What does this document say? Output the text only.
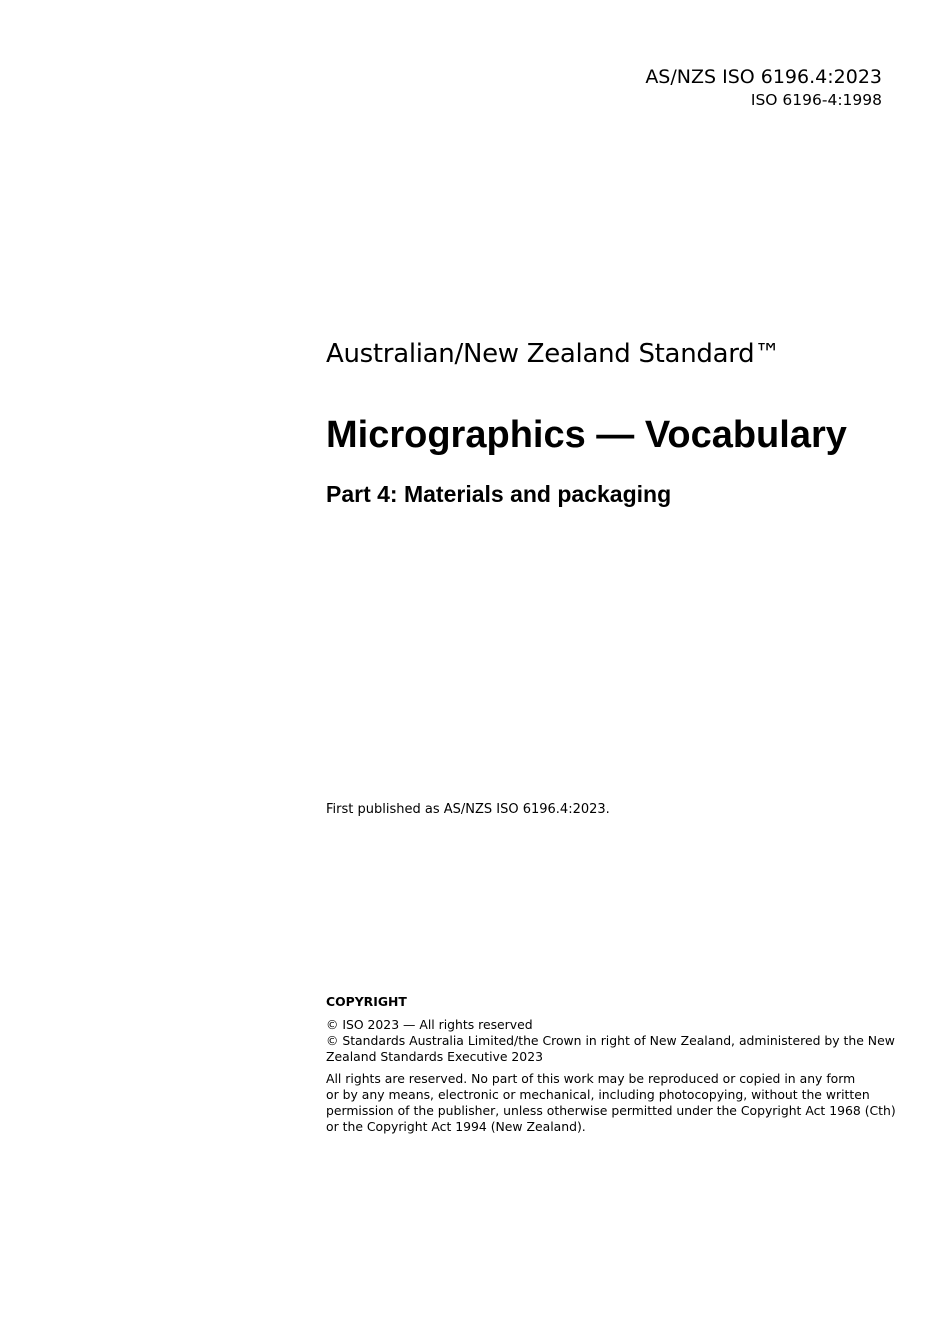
AS/NZS ISO 6196.4:2023
ISO 6196-4:1998
Australian/New Zealand Standard™
Micrographics — Vocabulary
Part 4: Materials and packaging
First published as AS/NZS ISO 6196.4:2023.
COPYRIGHT
© ISO 2023 — All rights reserved
© Standards Australia Limited/the Crown in right of New Zealand, administered by the New
Zealand Standards Executive 2023
All rights are reserved. No part of this work may be reproduced or copied in any form
or by any means, electronic or mechanical, including photocopying, without the written
permission of the publisher, unless otherwise permitted under the Copyright Act 1968 (Cth)
or the Copyright Act 1994 (New Zealand).
